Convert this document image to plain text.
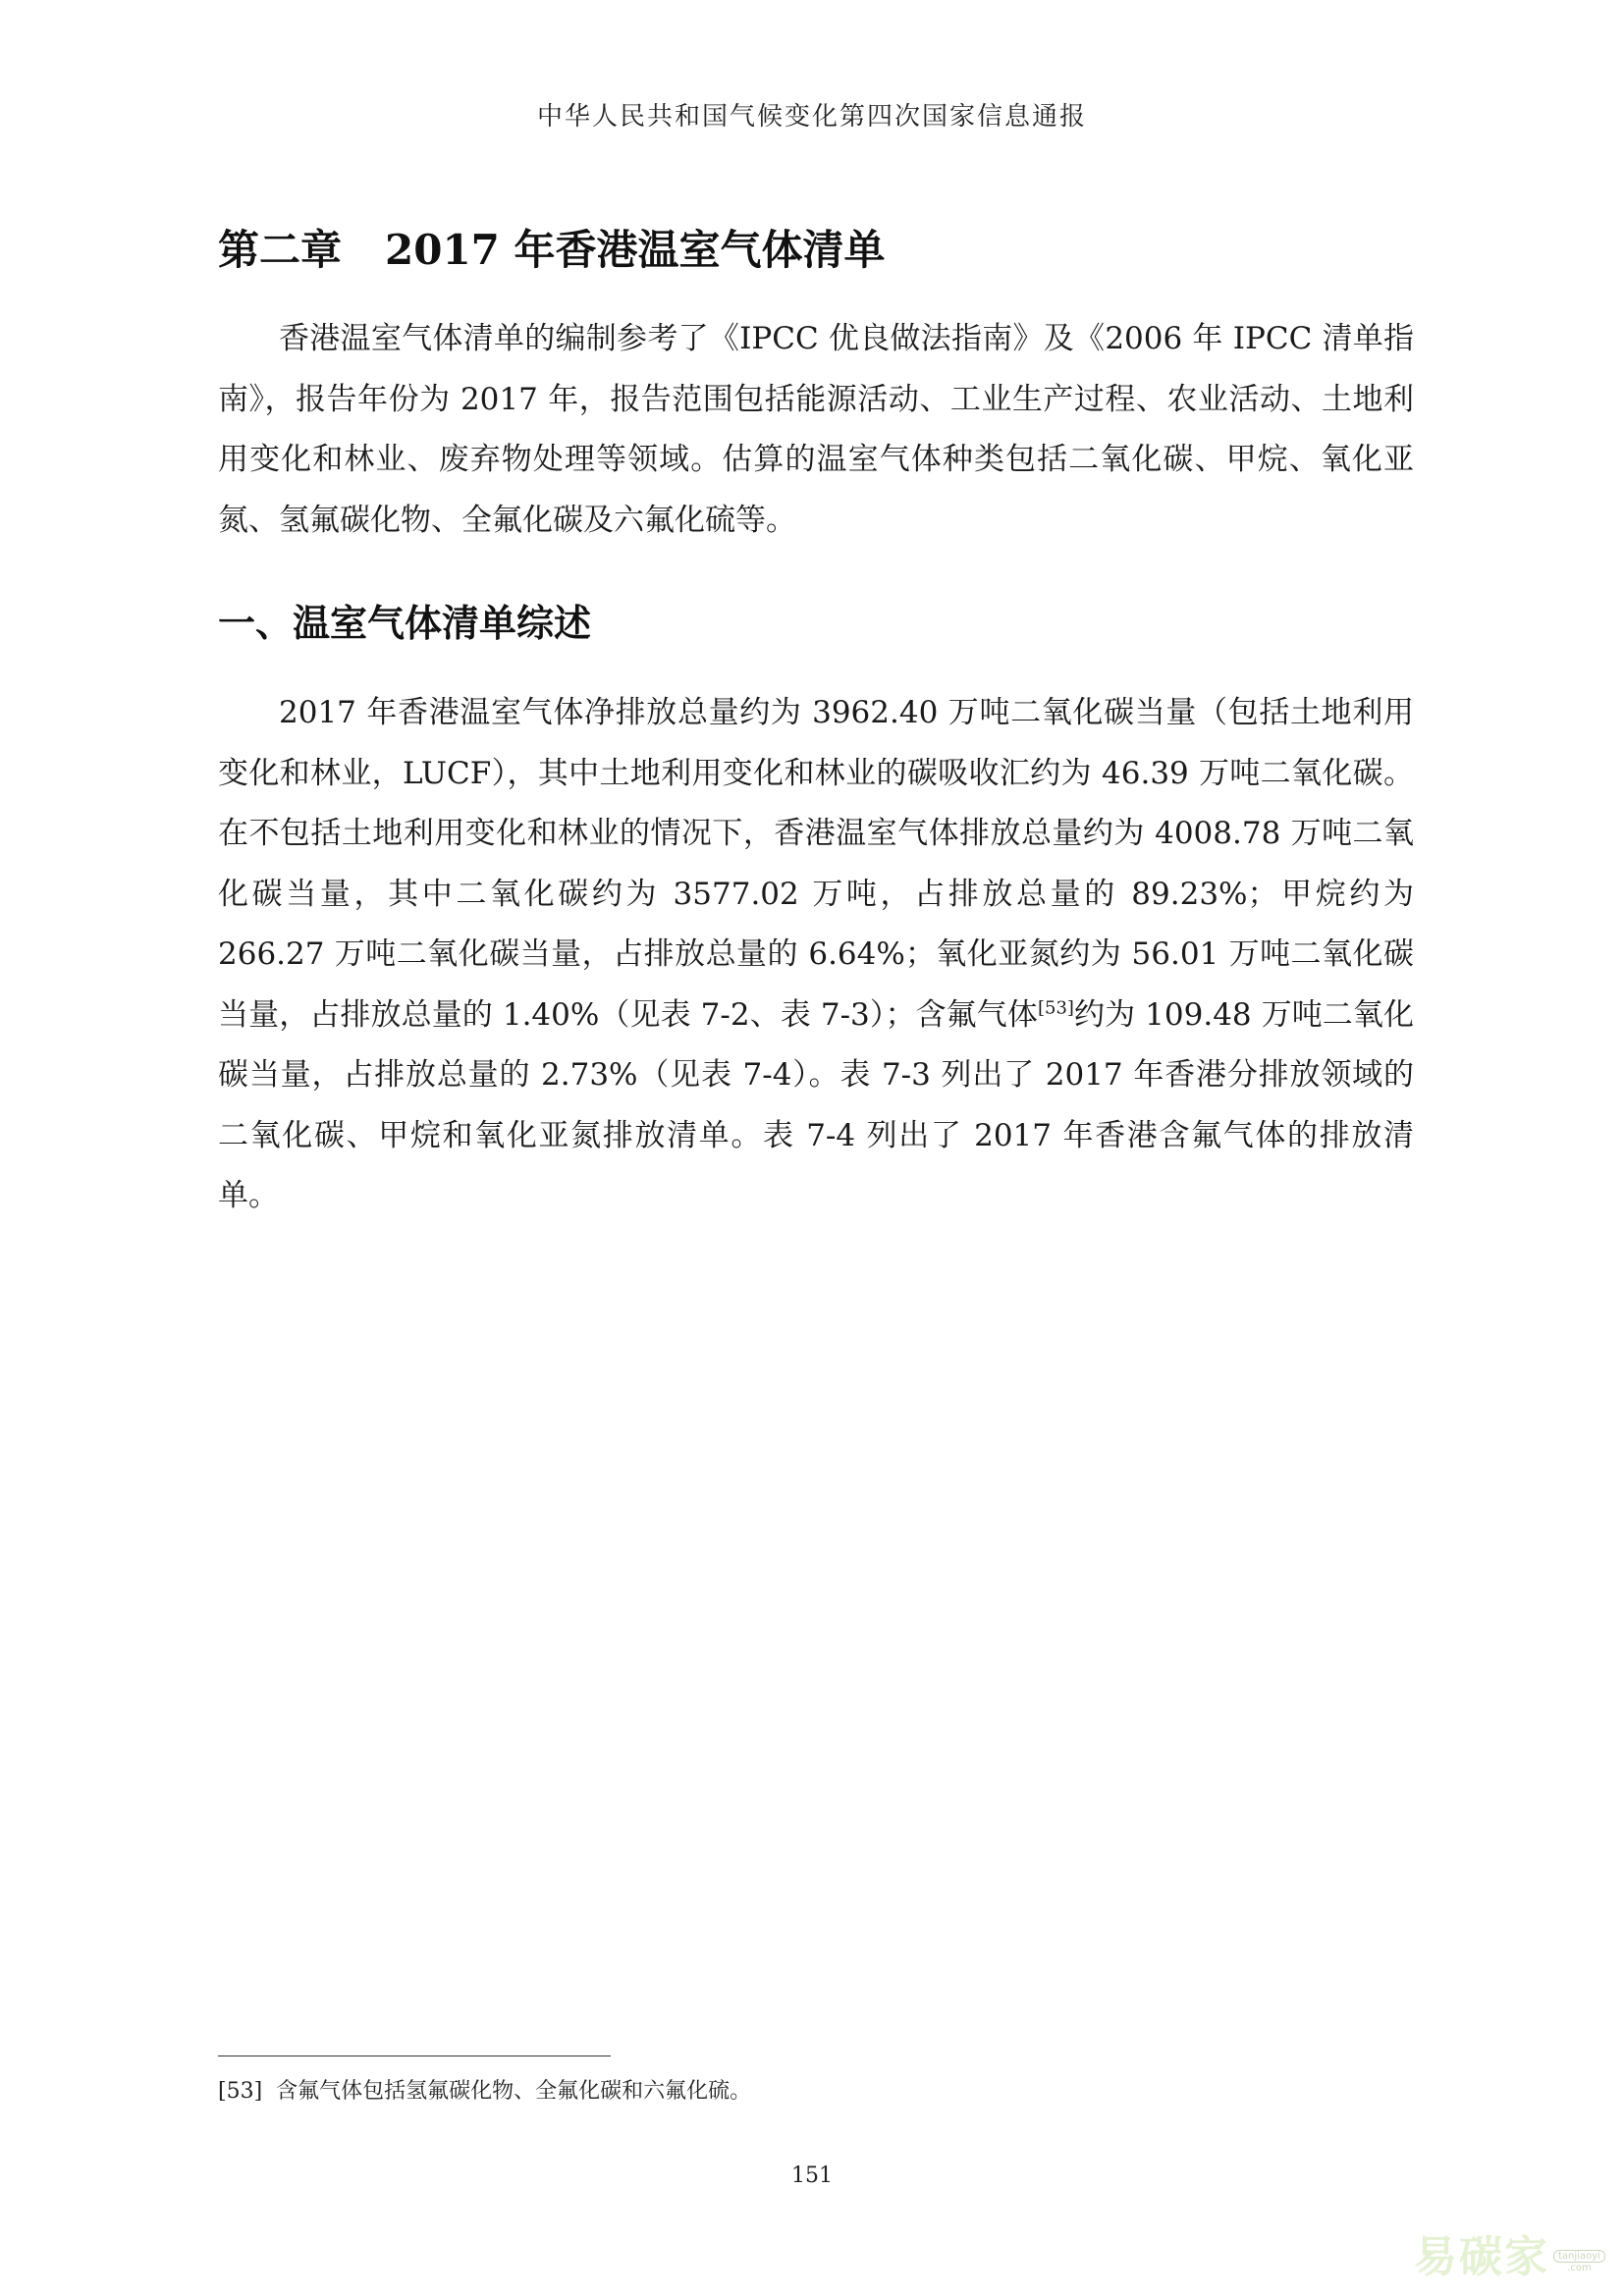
中华人民共和国气候变化第四次国家信息通报
第二章 2017 年香港温室气体清单

香港温室气体清单的编制参考了《IPCC 优良做法指南》及《2006 年 IPCC 清单指南》，报告年份为 2017 年，报告范围包括能源活动、工业生产过程、农业活动、土地利用变化和林业、废弃物处理等领域。估算的温室气体种类包括二氧化碳、甲烷、氧化亚氮、氢氟碳化物、全氟化碳及六氟化硫等。

一、温室气体清单综述

2017 年香港温室气体净排放总量约为 3962.40 万吨二氧化碳当量（包括土地利用变化和林业，LUCF），其中土地利用变化和林业的碳吸收汇约为 46.39 万吨二氧化碳。在不包括土地利用变化和林业的情况下，香港温室气体排放总量约为 4008.78 万吨二氧化碳当量，其中二氧化碳约为 3577.02 万吨，占排放总量的 89.23%；甲烷约为 266.27 万吨二氧化碳当量，占排放总量的 6.64%；氧化亚氮约为 56.01 万吨二氧化碳当量，占排放总量的 1.40%（见表 7-2、表 7-3）；含氟气体[53]约为 109.48 万吨二氧化碳当量，占排放总量的 2.73%（见表 7-4）。表 7-3 列出了 2017 年香港分排放领域的二氧化碳、甲烷和氧化亚氮排放清单。表 7-4 列出了 2017 年香港含氟气体的排放清单。

[53] 含氟气体包括氢氟碳化物、全氟化碳和六氟化硫。
151
易碳家 tanjiaoyi
.com
